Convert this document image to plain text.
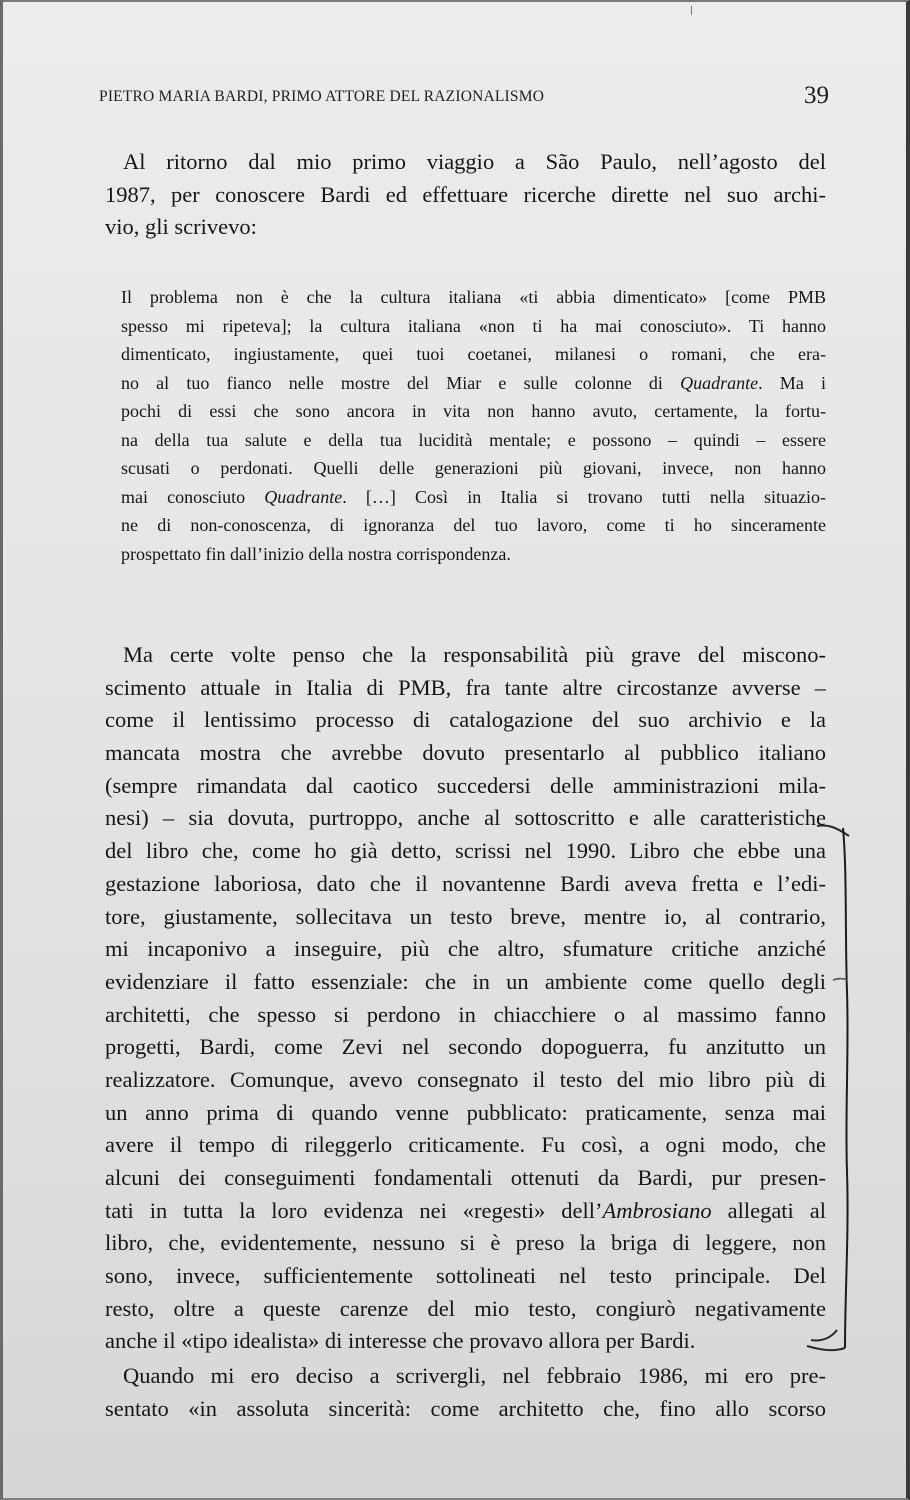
PIETRO MARIA BARDI, PRIMO ATTORE DEL RAZIONALISMO	39
Al ritorno dal mio primo viaggio a São Paulo, nell’agosto del
1987, per conoscere Bardi ed effettuare ricerche dirette nel suo archi-
vio, gli scrivevo:
Il problema non è che la cultura italiana «ti abbia dimenticato» [come PMB
spesso mi ripeteva]; la cultura italiana «non ti ha mai conosciuto». Ti hanno
dimenticato, ingiustamente, quei tuoi coetanei, milanesi o romani, che era-
no al tuo fianco nelle mostre del Miar e sulle colonne di Quadrante. Ma i
pochi di essi che sono ancora in vita non hanno avuto, certamente, la fortu-
na della tua salute e della tua lucidità mentale; e possono – quindi – essere
scusati o perdonati. Quelli delle generazioni più giovani, invece, non hanno
mai conosciuto Quadrante. […] Così in Italia si trovano tutti nella situazio-
ne di non-conoscenza, di ignoranza del tuo lavoro, come ti ho sinceramente
prospettato fin dall’inizio della nostra corrispondenza.
Ma certe volte penso che la responsabilità più grave del miscono-
scimento attuale in Italia di PMB, fra tante altre circostanze avverse –
come il lentissimo processo di catalogazione del suo archivio e la
mancata mostra che avrebbe dovuto presentarlo al pubblico italiano
(sempre rimandata dal caotico succedersi delle amministrazioni mila-
nesi) – sia dovuta, purtroppo, anche al sottoscritto e alle caratteristiche
del libro che, come ho già detto, scrissi nel 1990. Libro che ebbe una
gestazione laboriosa, dato che il novantenne Bardi aveva fretta e l’edi-
tore, giustamente, sollecitava un testo breve, mentre io, al contrario,
mi incaponivo a inseguire, più che altro, sfumature critiche anziché
evidenziare il fatto essenziale: che in un ambiente come quello degli
architetti, che spesso si perdono in chiacchiere o al massimo fanno
progetti, Bardi, come Zevi nel secondo dopoguerra, fu anzitutto un
realizzatore. Comunque, avevo consegnato il testo del mio libro più di
un anno prima di quando venne pubblicato: praticamente, senza mai
avere il tempo di rileggerlo criticamente. Fu così, a ogni modo, che
alcuni dei conseguimenti fondamentali ottenuti da Bardi, pur presen-
tati in tutta la loro evidenza nei «regesti» dell’Ambrosiano allegati al
libro, che, evidentemente, nessuno si è preso la briga di leggere, non
sono, invece, sufficientemente sottolineati nel testo principale. Del
resto, oltre a queste carenze del mio testo, congiurò negativamente
anche il «tipo idealista» di interesse che provavo allora per Bardi.
Quando mi ero deciso a scrivergli, nel febbraio 1986, mi ero pre-
sentato «in assoluta sincerità: come architetto che, fino allo scorso
